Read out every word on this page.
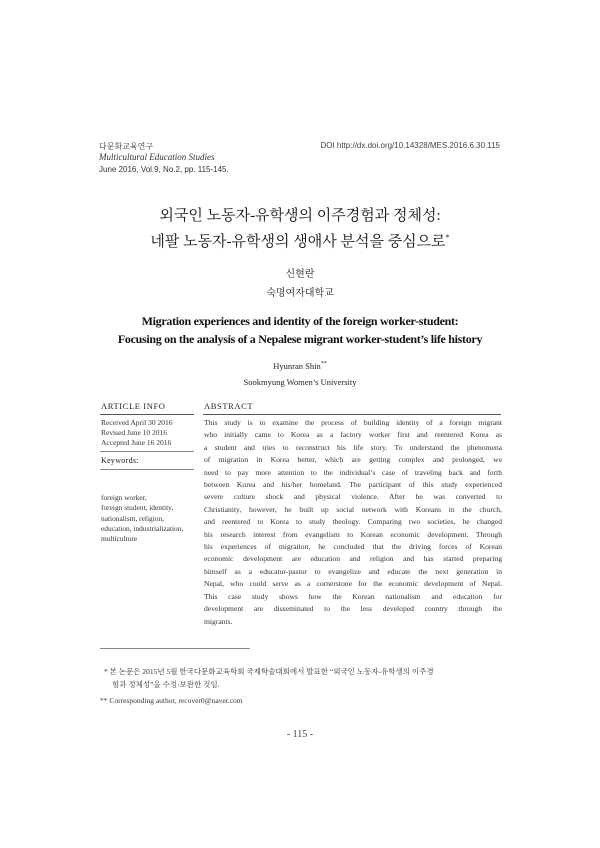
다문화교육연구
Multicultural Education Studies
June 2016, Vol.9, No.2, pp. 115-145.
DOI http://dx.doi.org/10.14328/MES.2016.6.30.115
외국인 노동자-유학생의 이주경험과 정체성:
네팔 노동자-유학생의 생애사 분석을 중심으로*
신현란
숙명여자대학교
Migration experiences and identity of the foreign worker-student:
Focusing on the analysis of a Nepalese migrant worker-student’s life history
Hyunran Shin**
Sookmyung Women’s University
ARTICLE INFO	ABSTRACT
Received April 30 2016
Revised June 10 2016
Accepted June 16 2016
Keywords:
foreign worker,
foreign student, identity,
nationalism, religion,
education, industrialization,
multiculture
This study is to examine the process of building identity of a foreign migrant
who initially came to Korea as a factory worker first and reentered Korea as
a student and tries to reconstruct his life story. To understand the phenomena
of migration in Korea better, which are getting complex and prolonged, we
need to pay more attention to the individual’s case of traveling back and forth
between Korea and his/her homeland. The participant of this study experienced
severe culture shock and physical violence. After he was converted to
Christianity, however, he built up social network with Koreans in the church,
and reentered to Korea to study theology. Comparing two societies, he changed
his research interest from evangelism to Korean economic development. Through
his experiences of migration, he concluded that the driving forces of Korean
economic development are education and religion and has started preparing
himself as a educator-pastor to evangelize and educate the next generation in
Nepal, who could serve as a cornerstone for the economic development of Nepal.
This case study shows how the Korean nationalism and education for
development are disseminated to the less developed country through the
migrants.
* 본 논문은 2015년 5월 한국다문화교육학회 국제학술대회에서 발표한 “외국인 노동자-유학생의 이주경
험과 정체성”을 수정·보완한 것임.
** Corresponding author, recover0@naver.com
- 115 -
